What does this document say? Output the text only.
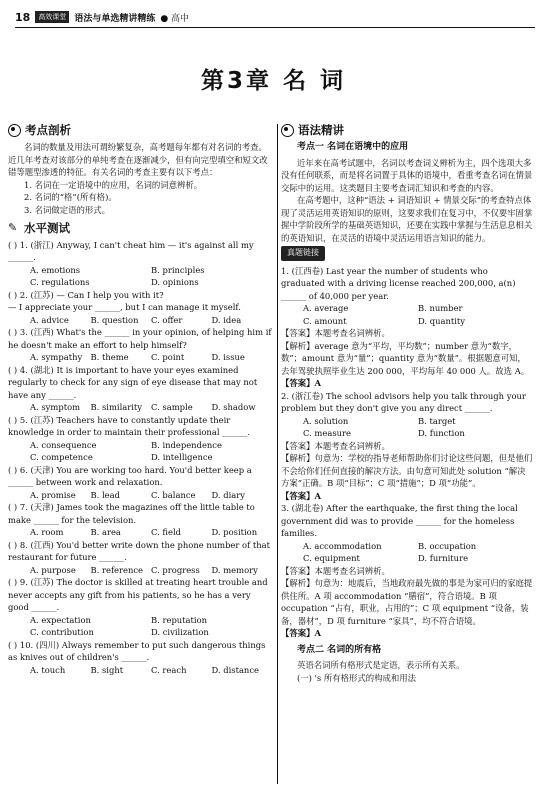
18	高效课堂 语法与单选精讲精练 ● 高中
第3章 名 词
考点剖析

名词的数量及用法可谓纷繁复杂，高考题每年都有对名词的考查。近几年考查对该部分的单纯考查在逐渐减少，但有向完型填空和短文改错等题型渗透的特征。有关名词的考查主要有以下考点：

1. 名词在一定语境中的应用，名词的词意辨析。

2. 名词的“格”(所有格)。

3. 名词做定语的形式。

✎ 水平测试

( ) 1. (浙江) Anyway, I can't cheat him — it's against all my ______.

A. emotions	B. principles
C. regulations	D. opinions

( ) 2. (江苏) — Can I help you with it?

— I appreciate your ______, but I can manage it myself.

A. advice	B. question	C. offer	D. idea

( ) 3. (江西) What's the ______ in your opinion, of helping him if he doesn't make an effort to help himself?

A. sympathy B. theme	C. point	D. issue

( ) 4. (湖北) It is important to have your eyes examined regularly to check for any sign of eye disease that may not have any ______.

A. symptom	B. similarity	C. sample	D. shadow

( ) 5. (江苏) Teachers have to constantly update their knowledge in order to maintain their professional ______.

A. consequence	B. independence
C. competence	D. intelligence

( ) 6. (天津) You are working too hard. You'd better keep a ______ between work and relaxation.

A. promise	B. lead	C. balance	D. diary

( ) 7. (天津) James took the magazines off the little table to make ______ for the television.

A. room	B. area	C. field	D. position

( ) 8. (江西) You'd better write down the phone number of that restaurant for future ______.

A. purpose	B. reference C. progress	D. memory

( ) 9. (江苏) The doctor is skilled at treating heart trouble and never accepts any gift from his patients, so he has a very good ______.

A. expectation	B. reputation
C. contribution	D. civilization

( ) 10. (四川) Always remember to put such dangerous things as knives out of children's ______.

A. touch	B. sight	C. reach	D. distance
语法精讲
考点一 名词在语境中的应用

近年来在高考试题中，名词以考查词义辨析为主，四个选项大多没有任何联系，而是将名词置于具体的语境中，看重考查名词在情景交际中的运用。这类题目主要考查词汇知识和考查的内容。

在高考题中，这种“语法 + 词语知识 + 情景交际”的考查特点体现了灵活运用英语知识的原则，这要求我们在复习中，不仅要牢固掌握中学阶段所学的基础英语知识，还要在实践中掌握与生活息息相关的英语知识，在灵活的语境中灵活运用语言知识的能力。

真题链接

1. (江西卷) Last year the number of students who graduated with a driving license reached 200,000, a(n) ______ of 40,000 per year.

A. average	B. number
C. amount	D. quantity

【答案】本题考查名词辨析。

【解析】average 意为“平均，平均数”；number 意为“数字，数”；amount 意为“量”；quantity 意为“数量”。根据题意可知，去年驾驶执照毕业生达 200 000，平均每年 40 000 人。故选 A。

【答案】A

2. (浙江卷) The school advisors help you talk through your problem but they don't give you any direct ______.

A. solution	B. target
C. measure	D. function

【答案】本题考查名词辨析。

【解析】句意为：学校的指导老师帮助你们讨论这些问题，但是他们不会给你们任何直接的解决方法。由句意可知此处 solution “解决方案”正确。B 项“目标”；C 项“措施”；D 项“功能”。

【答案】A

3. (湖北卷) After the earthquake, the first thing the local government did was to provide ______ for the homeless families.

A. accommodation	B. occupation
C. equipment	D. furniture

【答案】本题考查名词辨析。

【解析】句意为：地震后，当地政府最先做的事是为家可归的家庭提供住所。A 项 accommodation “膳宿”，符合语境。B 项 occupation “占有，职业，占用的”；C 项 equipment “设备，装备，器材”，D 项 furniture “家具”，均不符合语境。

【答案】A

考点二 名词的所有格

英语名词所有格形式是定语，表示所有关系。

(一) 's 所有格形式的构成和用法
